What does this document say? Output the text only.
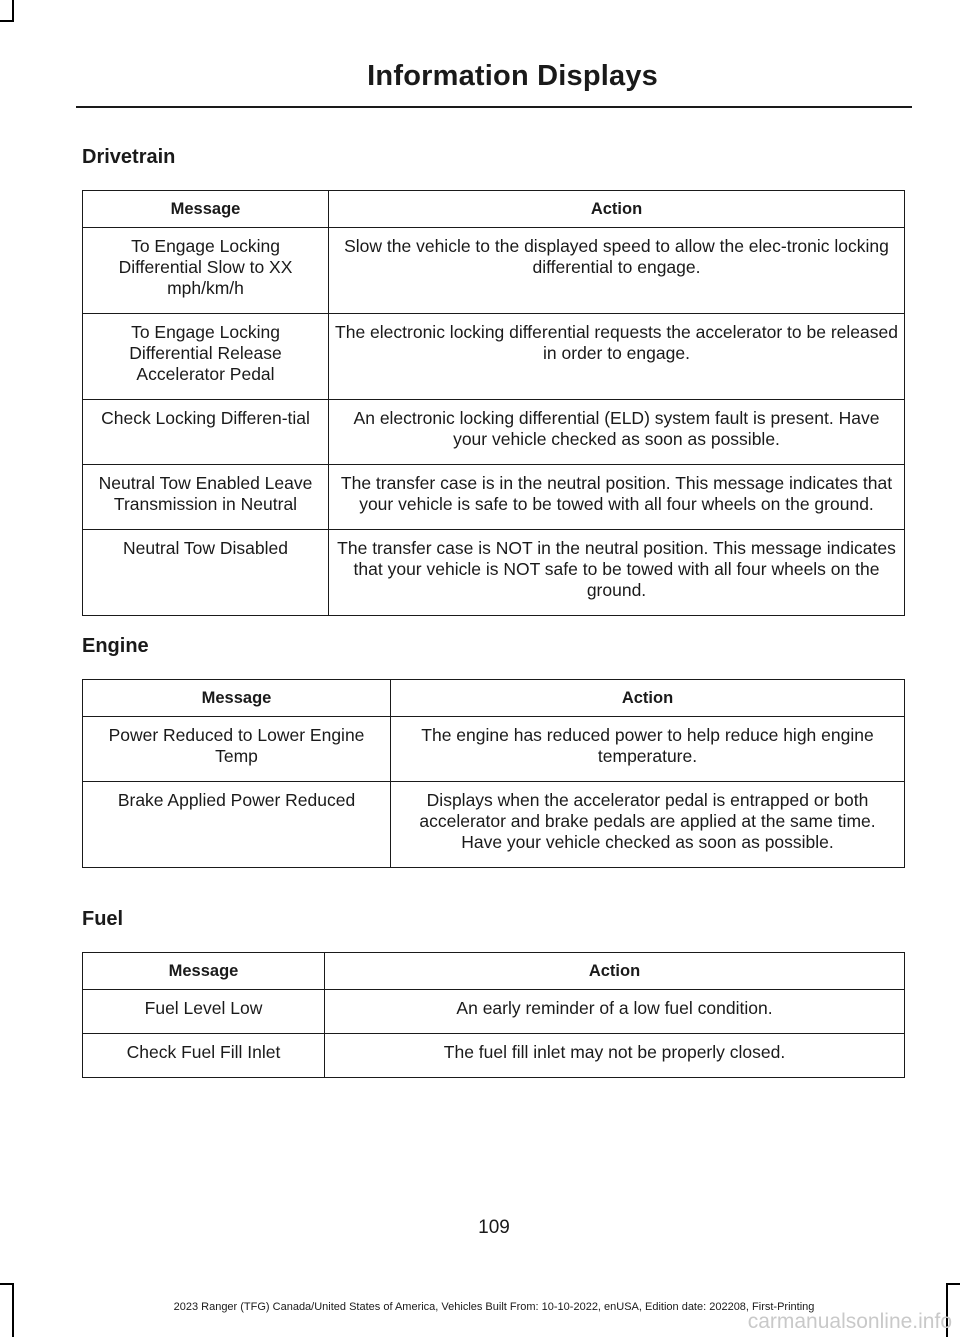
Information Displays
Drivetrain
Message	Action
To Engage Locking Differential Slow to XX mph/km/h	Slow the vehicle to the displayed speed to allow the elec-tronic locking differential to engage.
To Engage Locking Differential Release Accelerator Pedal	The electronic locking differential requests the accelerator to be released in order to engage.
Check Locking Differen-tial	An electronic locking differential (ELD) system fault is present. Have your vehicle checked as soon as possible.
Neutral Tow Enabled Leave Transmission in Neutral	The transfer case is in the neutral position. This message indicates that your vehicle is safe to be towed with all four wheels on the ground.
Neutral Tow Disabled	The transfer case is NOT in the neutral position. This message indicates that your vehicle is NOT safe to be towed with all four wheels on the ground.
Engine
Message	Action
Power Reduced to Lower Engine Temp	The engine has reduced power to help reduce high engine temperature.
Brake Applied Power Reduced	Displays when the accelerator pedal is entrapped or both accelerator and brake pedals are applied at the same time. Have your vehicle checked as soon as possible.
Fuel
Message	Action
Fuel Level Low	An early reminder of a low fuel condition.
Check Fuel Fill Inlet	The fuel fill inlet may not be properly closed.
109
2023 Ranger (TFG) Canada/United States of America, Vehicles Built From: 10-10-2022, enUSA, Edition date: 202208, First-Printing
carmanualsonline.info
